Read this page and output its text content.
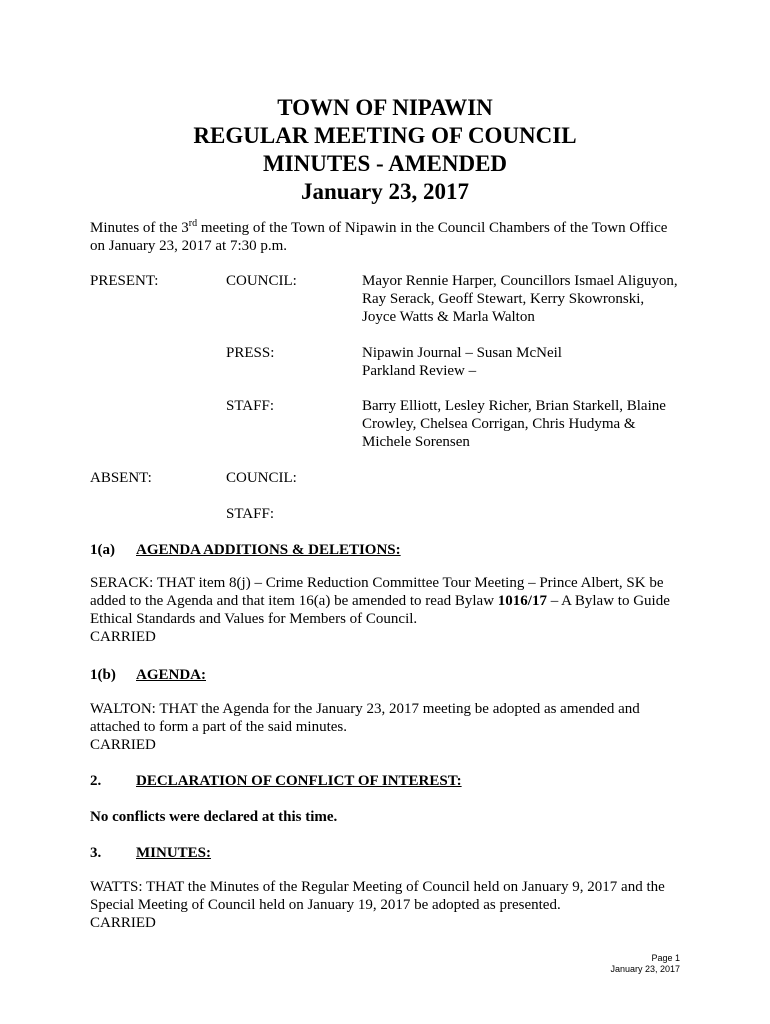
TOWN OF NIPAWIN
REGULAR MEETING OF COUNCIL
MINUTES - AMENDED
January 23, 2017
Minutes of the 3rd meeting of the Town of Nipawin in the Council Chambers of the Town Office
on January 23, 2017 at 7:30 p.m.
PRESENT:	COUNCIL:	Mayor Rennie Harper, Councillors Ismael Aliguyon,
Ray Serack, Geoff Stewart, Kerry Skowronski,
Joyce Watts & Marla Walton
PRESS:	Nipawin Journal – Susan McNeil
Parkland Review –
STAFF:	Barry Elliott, Lesley Richer, Brian Starkell, Blaine
Crowley, Chelsea Corrigan, Chris Hudyma &
Michele Sorensen
ABSENT:	COUNCIL:
STAFF:
1(a) AGENDA ADDITIONS & DELETIONS:
SERACK: THAT item 8(j) – Crime Reduction Committee Tour Meeting – Prince Albert, SK be
added to the Agenda and that item 16(a) be amended to read Bylaw 1016/17 – A Bylaw to Guide
Ethical Standards and Values for Members of Council.
CARRIED
1(b) AGENDA:
WALTON: THAT the Agenda for the January 23, 2017 meeting be adopted as amended and
attached to form a part of the said minutes.
CARRIED
2. DECLARATION OF CONFLICT OF INTEREST:
No conflicts were declared at this time.
3. MINUTES:
WATTS: THAT the Minutes of the Regular Meeting of Council held on January 9, 2017 and the
Special Meeting of Council held on January 19, 2017 be adopted as presented.
CARRIED
Page 1
January 23, 2017
